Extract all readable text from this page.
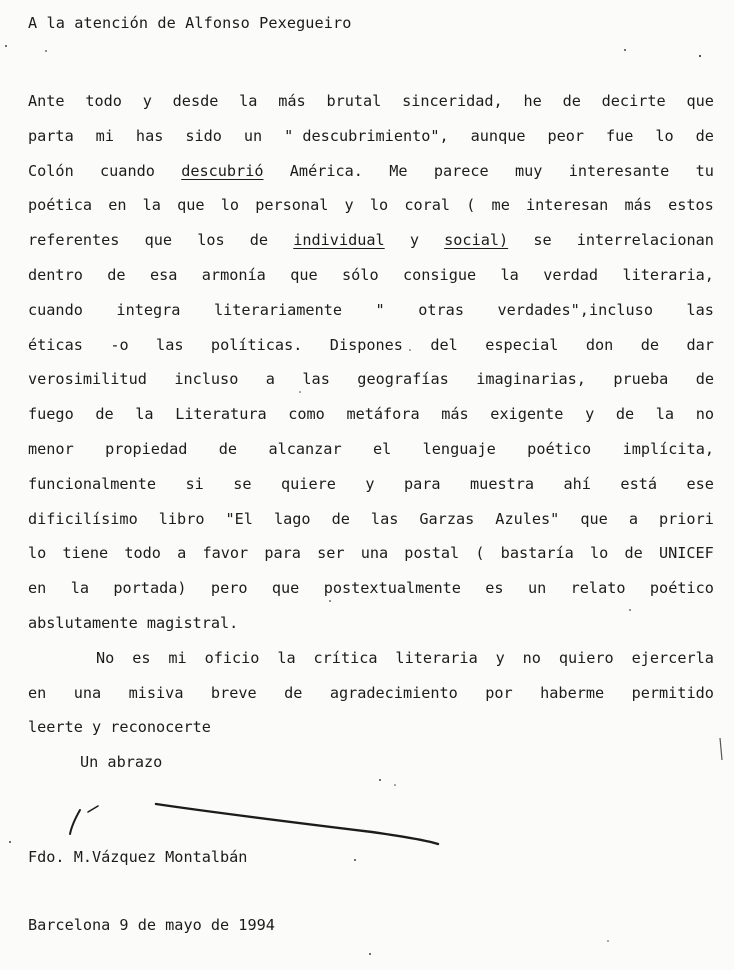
A la atención de Alfonso Pexegueiro
Ante todo y desde la más brutal sinceridad, he de decirte que
parta mi has sido un " descubrimiento", aunque peor fue lo de
Colón cuando descubrió América. Me parece muy interesante tu
poética en la que lo personal y lo coral ( me interesan más estos
referentes que los de individual y social) se interrelacionan
dentro de esa armonía que sólo consigue la verdad literaria,
cuando integra literariamente " otras verdades",incluso las
éticas -o las políticas. Dispones del especial don de dar
verosimilitud incluso a las geografías imaginarias, prueba de
fuego de la Literatura como metáfora más exigente y de la no
menor propiedad de alcanzar el lenguaje poético implícita,
funcionalmente si se quiere y para muestra ahí está ese
dificilísimo libro "El lago de las Garzas Azules" que a priori
lo tiene todo a favor para ser una postal ( bastaría lo de UNICEF
en la portada) pero que postextualmente es un relato poético
abslutamente magistral.
No es mi oficio la crítica literaria y no quiero ejercerla
en una misiva breve de agradecimiento por haberme permitido
leerte y reconocerte
Un abrazo
Fdo. M.Vázquez Montalbán
Barcelona 9 de mayo de 1994
